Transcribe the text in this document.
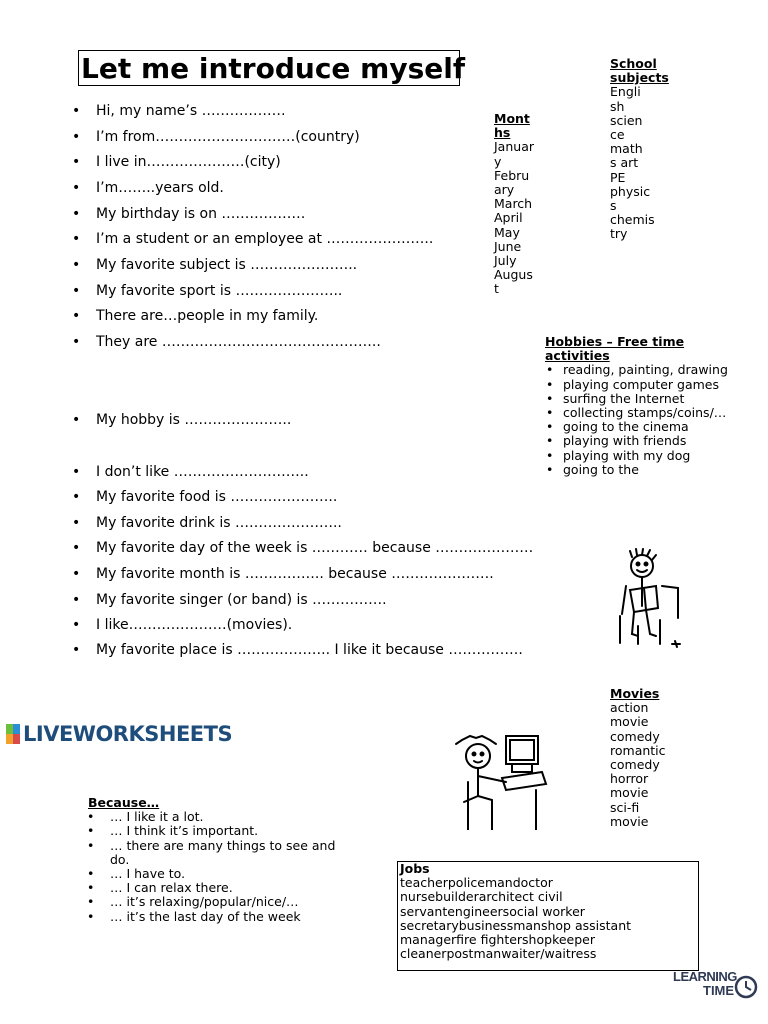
Let me introduce myself
Hi, my name’s ………………
I’m from…………………………(country)
I live in…………………(city)
I’m……..years old.
My birthday is on ………………
I’m a student or an employee at …………………..
My favorite subject is …………………..
My favorite sport is …………………..
There are…people in my family.
They are ………………………………………..
My hobby is …………………..
I don’t like ………………………..
My favorite food is …………………..
My favorite drink is …………………..
My favorite day of the week is ………… because …………………
My favorite month is …………….. because ………………….
My favorite singer (or band) is …………….
I like…………………(movies).
My favorite place is ……………….. I like it because …………….
Mont
hs
Januar
y
Febru
ary
March
April
May
June
July
Augus
t
School
subjects
Engli
sh
scien
ce
math
s art
PE
physic
s
chemis
try
Hobbies – Free time
activities
• reading, painting, drawing
• playing computer games
• surfing the Internet
• collecting stamps/coins/…
• going to the cinema
• playing with friends
• playing with my dog
• going to the
LIVEWORKSHEETS
Movies
action
movie
comedy
romantic
comedy
horror movie
sci-fi
movie
Because…
• … I like it a lot.
• … I think it’s important.
• … there are many things to see and do.
• … I have to.
• … I can relax there.
• … it’s relaxing/popular/nice/…
• … it’s the last day of the week
Jobs
teacherpolicemandoctor
nursebuilderarchitect civil
servantengineersocial worker
secretarybusinessmanshop assistant
managerfire fightershopkeeper
cleanerpostmanwaiter/waitress
LEARNING
TIME
